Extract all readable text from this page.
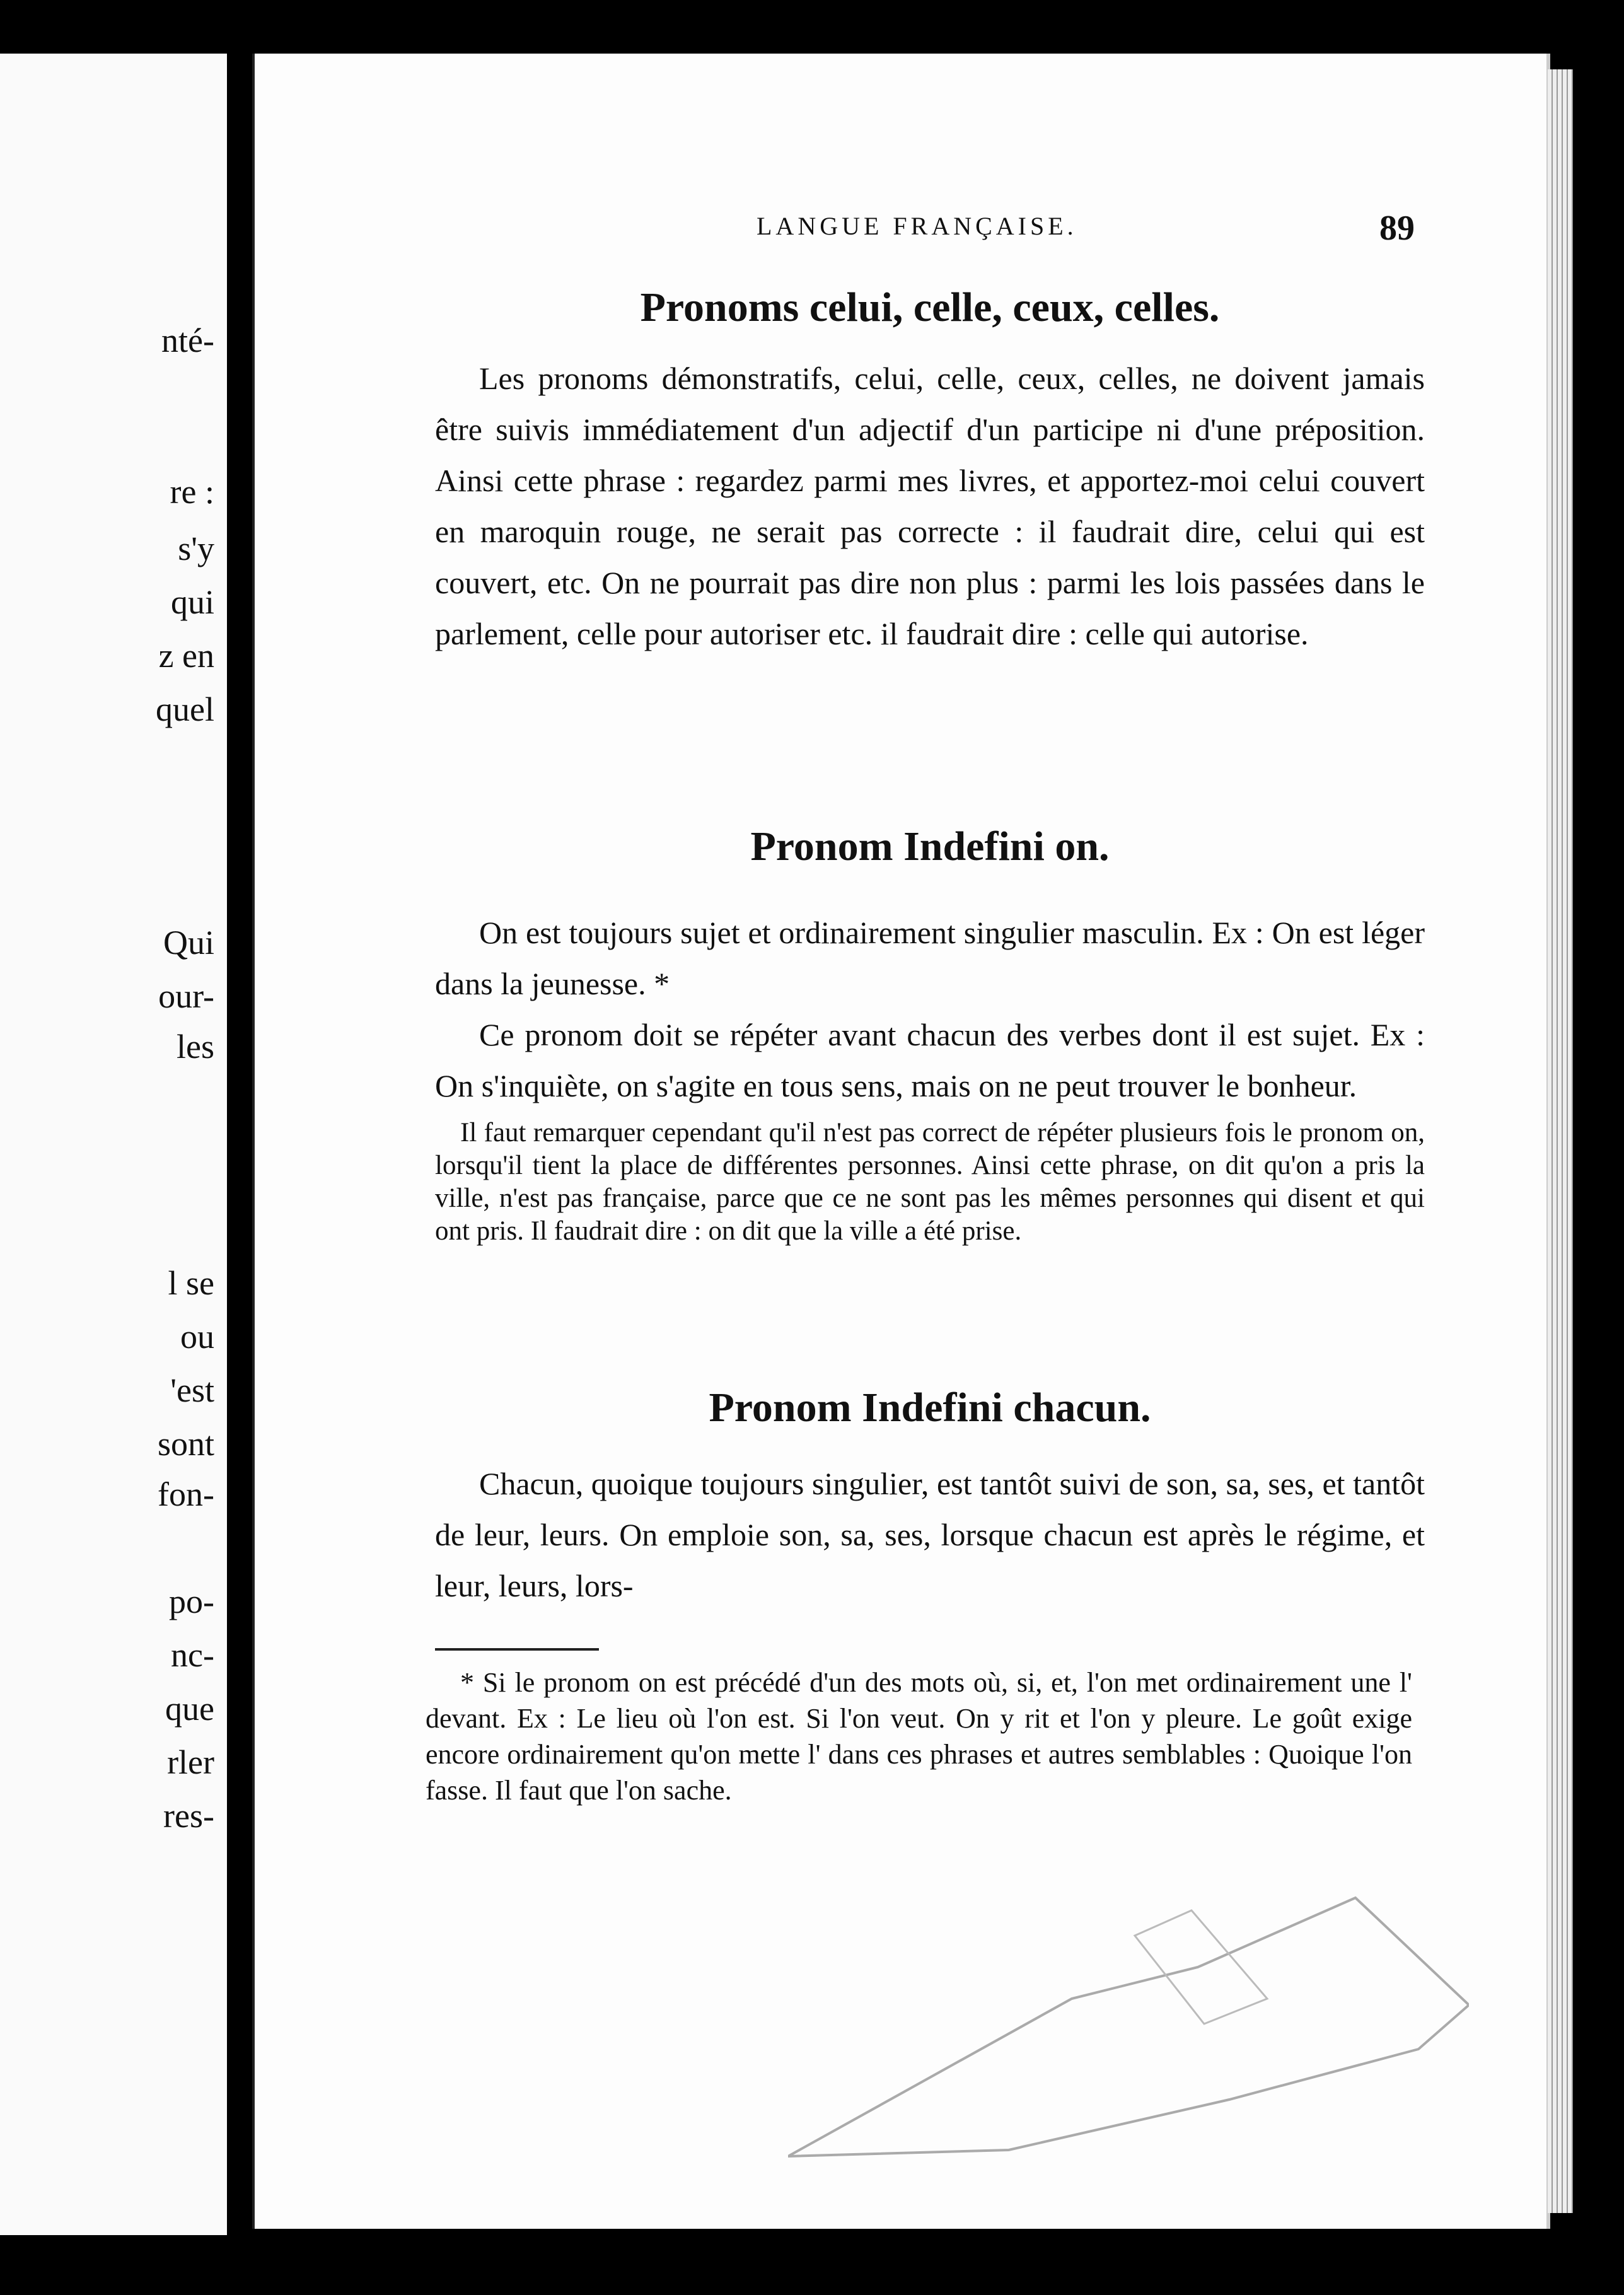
nté-
re :
s'y
qui
z en
quel
Qui
our-
les
l se
ou
'est
sont
fon-
po-
nc-
que
rler
res-
LANGUE FRANÇAISE.	89
Pronoms celui, celle, ceux, celles.
Les pronoms démonstratifs, celui, celle, ceux, celles, ne doivent jamais être suivis immédiatement d'un adjectif d'un participe ni d'une préposition. Ainsi cette phrase : regardez parmi mes livres, et apportez-moi celui couvert en maroquin rouge, ne serait pas correcte : il faudrait dire, celui qui est couvert, etc. On ne pourrait pas dire non plus : parmi les lois passées dans le parlement, celle pour autoriser etc. il faudrait dire : celle qui autorise.
Pronom Indefini on.
On est toujours sujet et ordinairement singulier masculin. Ex : On est léger dans la jeunesse. *
Ce pronom doit se répéter avant chacun des verbes dont il est sujet. Ex : On s'inquiète, on s'agite en tous sens, mais on ne peut trouver le bonheur.
Il faut remarquer cependant qu'il n'est pas correct de répéter plusieurs fois le pronom on, lorsqu'il tient la place de différentes personnes. Ainsi cette phrase, on dit qu'on a pris la ville, n'est pas française, parce que ce ne sont pas les mêmes personnes qui disent et qui ont pris. Il faudrait dire : on dit que la ville a été prise.
Pronom Indefini chacun.
Chacun, quoique toujours singulier, est tantôt suivi de son, sa, ses, et tantôt de leur, leurs. On emploie son, sa, ses, lorsque chacun est après le régime, et leur, leurs, lors-
* Si le pronom on est précédé d'un des mots où, si, et, l'on met ordinairement une l' devant. Ex : Le lieu où l'on est. Si l'on veut. On y rit et l'on y pleure. Le goût exige encore ordinairement qu'on mette l' dans ces phrases et autres semblables : Quoique l'on fasse. Il faut que l'on sache.
